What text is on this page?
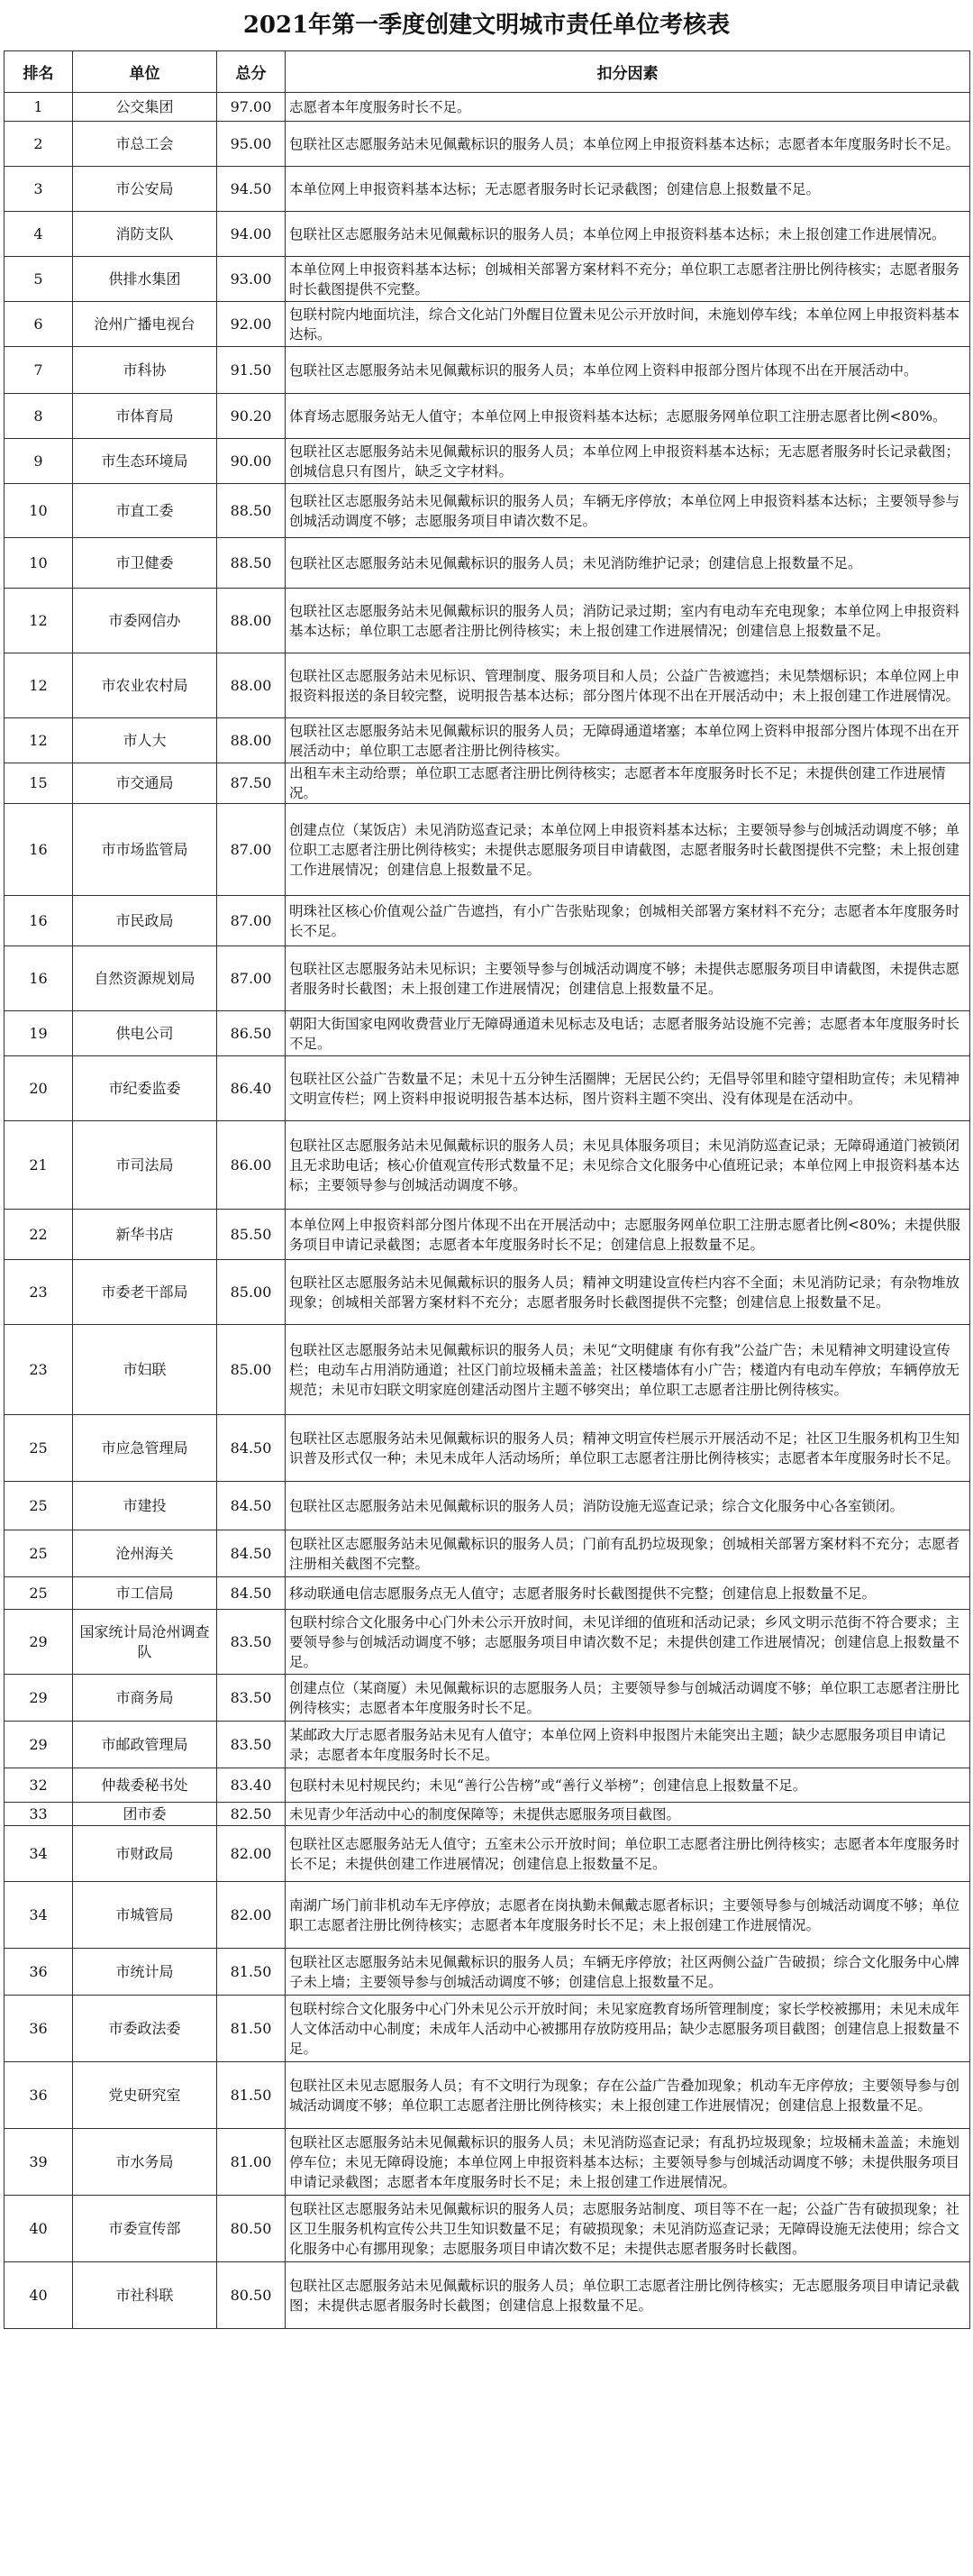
2021年第一季度创建文明城市责任单位考核表
排名	单位	总分	扣分因素
1	公交集团	97.00	志愿者本年度服务时长不足。
2	市总工会	95.00	包联社区志愿服务站未见佩戴标识的服务人员；本单位网上申报资料基本达标；志愿者本年度服务时长不足。
3	市公安局	94.50	本单位网上申报资料基本达标；无志愿者服务时长记录截图；创建信息上报数量不足。
4	消防支队	94.00	包联社区志愿服务站未见佩戴标识的服务人员；本单位网上申报资料基本达标；未上报创建工作进展情况。
5	供排水集团	93.00	本单位网上申报资料基本达标；创城相关部署方案材料不充分；单位职工志愿者注册比例待核实；志愿者服务时长截图提供不完整。
6	沧州广播电视台	92.00	包联村院内地面坑洼，综合文化站门外醒目位置未见公示开放时间，未施划停车线；本单位网上申报资料基本达标。
7	市科协	91.50	包联社区志愿服务站未见佩戴标识的服务人员；本单位网上资料申报部分图片体现不出在开展活动中。
8	市体育局	90.20	体育场志愿服务站无人值守；本单位网上申报资料基本达标；志愿服务网单位职工注册志愿者比例<80%。
9	市生态环境局	90.00	包联社区志愿服务站未见佩戴标识的服务人员；本单位网上申报资料基本达标；无志愿者服务时长记录截图；创城信息只有图片，缺乏文字材料。
10	市直工委	88.50	包联社区志愿服务站未见佩戴标识的服务人员；车辆无序停放；本单位网上申报资料基本达标；主要领导参与创城活动调度不够；志愿服务项目申请次数不足。
10	市卫健委	88.50	包联社区志愿服务站未见佩戴标识的服务人员；未见消防维护记录；创建信息上报数量不足。
12	市委网信办	88.00	包联社区志愿服务站未见佩戴标识的服务人员；消防记录过期；室内有电动车充电现象；本单位网上申报资料基本达标；单位职工志愿者注册比例待核实；未上报创建工作进展情况；创建信息上报数量不足。
12	市农业农村局	88.00	包联社区志愿服务站未见标识、管理制度、服务项目和人员；公益广告被遮挡；未见禁烟标识；本单位网上申报资料报送的条目较完整，说明报告基本达标；部分图片体现不出在开展活动中；未上报创建工作进展情况。
12	市人大	88.00	包联社区志愿服务站未见佩戴标识的服务人员；无障碍通道堵塞；本单位网上资料申报部分图片体现不出在开展活动中；单位职工志愿者注册比例待核实。
15	市交通局	87.50	出租车未主动给票；单位职工志愿者注册比例待核实；志愿者本年度服务时长不足；未提供创建工作进展情况。
16	市市场监管局	87.00	创建点位（某饭店）未见消防巡查记录；本单位网上申报资料基本达标；主要领导参与创城活动调度不够；单位职工志愿者注册比例待核实；未提供志愿服务项目申请截图，志愿者服务时长截图提供不完整；未上报创建工作进展情况；创建信息上报数量不足。
16	市民政局	87.00	明珠社区核心价值观公益广告遮挡，有小广告张贴现象；创城相关部署方案材料不充分；志愿者本年度服务时长不足。
16	自然资源规划局	87.00	包联社区志愿服务站未见标识；主要领导参与创城活动调度不够；未提供志愿服务项目申请截图，未提供志愿者服务时长截图；未上报创建工作进展情况；创建信息上报数量不足。
19	供电公司	86.50	朝阳大街国家电网收费营业厅无障碍通道未见标志及电话；志愿者服务站设施不完善；志愿者本年度服务时长不足。
20	市纪委监委	86.40	包联社区公益广告数量不足；未见十五分钟生活圈牌；无居民公约；无倡导邻里和睦守望相助宣传；未见精神文明宣传栏；网上资料申报说明报告基本达标，图片资料主题不突出、没有体现是在活动中。
21	市司法局	86.00	包联社区志愿服务站未见佩戴标识的服务人员；未见具体服务项目；未见消防巡查记录；无障碍通道门被锁闭且无求助电话；核心价值观宣传形式数量不足；未见综合文化服务中心值班记录；本单位网上申报资料基本达标；主要领导参与创城活动调度不够。
22	新华书店	85.50	本单位网上申报资料部分图片体现不出在开展活动中；志愿服务网单位职工注册志愿者比例<80%；未提供服务项目申请记录截图；志愿者本年度服务时长不足；创建信息上报数量不足。
23	市委老干部局	85.00	包联社区志愿服务站未见佩戴标识的服务人员；精神文明建设宣传栏内容不全面；未见消防记录；有杂物堆放现象；创城相关部署方案材料不充分；志愿者服务时长截图提供不完整；创建信息上报数量不足。
23	市妇联	85.00	包联社区志愿服务站未见佩戴标识的服务人员；未见“文明健康 有你有我”公益广告；未见精神文明建设宣传栏；电动车占用消防通道；社区门前垃圾桶未盖盖；社区楼墙体有小广告；楼道内有电动车停放；车辆停放无规范；未见市妇联文明家庭创建活动图片主题不够突出；单位职工志愿者注册比例待核实。
25	市应急管理局	84.50	包联社区志愿服务站未见佩戴标识的服务人员；精神文明宣传栏展示开展活动不足；社区卫生服务机构卫生知识普及形式仅一种；未见未成年人活动场所；单位职工志愿者注册比例待核实；志愿者本年度服务时长不足。
25	市建投	84.50	包联社区志愿服务站未见佩戴标识的服务人员；消防设施无巡查记录；综合文化服务中心各室锁闭。
25	沧州海关	84.50	包联社区志愿服务站未见佩戴标识的服务人员；门前有乱扔垃圾现象；创城相关部署方案材料不充分；志愿者注册相关截图不完整。
25	市工信局	84.50	移动联通电信志愿服务点无人值守；志愿者服务时长截图提供不完整；创建信息上报数量不足。
29	国家统计局沧州调查队	83.50	包联村综合文化服务中心门外未公示开放时间，未见详细的值班和活动记录；乡风文明示范街不符合要求；主要领导参与创城活动调度不够；志愿服务项目申请次数不足；未提供创建工作进展情况；创建信息上报数量不足。
29	市商务局	83.50	创建点位（某商厦）未见佩戴标识的志愿服务人员；主要领导参与创城活动调度不够；单位职工志愿者注册比例待核实；志愿者本年度服务时长不足。
29	市邮政管理局	83.50	某邮政大厅志愿者服务站未见有人值守；本单位网上资料申报图片未能突出主题；缺少志愿服务项目申请记录；志愿者本年度服务时长不足。
32	仲裁委秘书处	83.40	包联村未见村规民约；未见“善行公告榜”或“善行义举榜”；创建信息上报数量不足。
33	团市委	82.50	未见青少年活动中心的制度保障等；未提供志愿服务项目截图。
34	市财政局	82.00	包联社区志愿服务站无人值守；五室未公示开放时间；单位职工志愿者注册比例待核实；志愿者本年度服务时长不足；未提供创建工作进展情况；创建信息上报数量不足。
34	市城管局	82.00	南湖广场门前非机动车无序停放；志愿者在岗执勤未佩戴志愿者标识；主要领导参与创城活动调度不够；单位职工志愿者注册比例待核实；志愿者本年度服务时长不足；未上报创建工作进展情况。
36	市统计局	81.50	包联社区志愿服务站未见佩戴标识的服务人员；车辆无序停放；社区两侧公益广告破损；综合文化服务中心牌子未上墙；主要领导参与创城活动调度不够；创建信息上报数量不足。
36	市委政法委	81.50	包联村综合文化服务中心门外未见公示开放时间；未见家庭教育场所管理制度；家长学校被挪用；未见未成年人文体活动中心制度；未成年人活动中心被挪用存放防疫用品；缺少志愿服务项目截图；创建信息上报数量不足。
36	党史研究室	81.50	包联社区未见志愿服务人员；有不文明行为现象；存在公益广告叠加现象；机动车无序停放；主要领导参与创城活动调度不够；单位职工志愿者注册比例待核实；未上报创建工作进展情况；创建信息上报数量不足。
39	市水务局	81.00	包联社区志愿服务站未见佩戴标识的服务人员；未见消防巡查记录；有乱扔垃圾现象；垃圾桶未盖盖；未施划停车位；未见无障碍设施；本单位网上申报资料基本达标；主要领导参与创城活动调度不够；未提供服务项目申请记录截图；志愿者本年度服务时长不足；未上报创建工作进展情况。
40	市委宣传部	80.50	包联社区志愿服务站未见佩戴标识的服务人员；志愿服务站制度、项目等不在一起；公益广告有破损现象；社区卫生服务机构宣传公共卫生知识数量不足；有破损现象；未见消防巡查记录；无障碍设施无法使用；综合文化服务中心有挪用现象；志愿服务项目申请次数不足；未提供志愿者服务时长截图。
40	市社科联	80.50	包联社区志愿服务站未见佩戴标识的服务人员；单位职工志愿者注册比例待核实；无志愿服务项目申请记录截图；未提供志愿者服务时长截图；创建信息上报数量不足。
